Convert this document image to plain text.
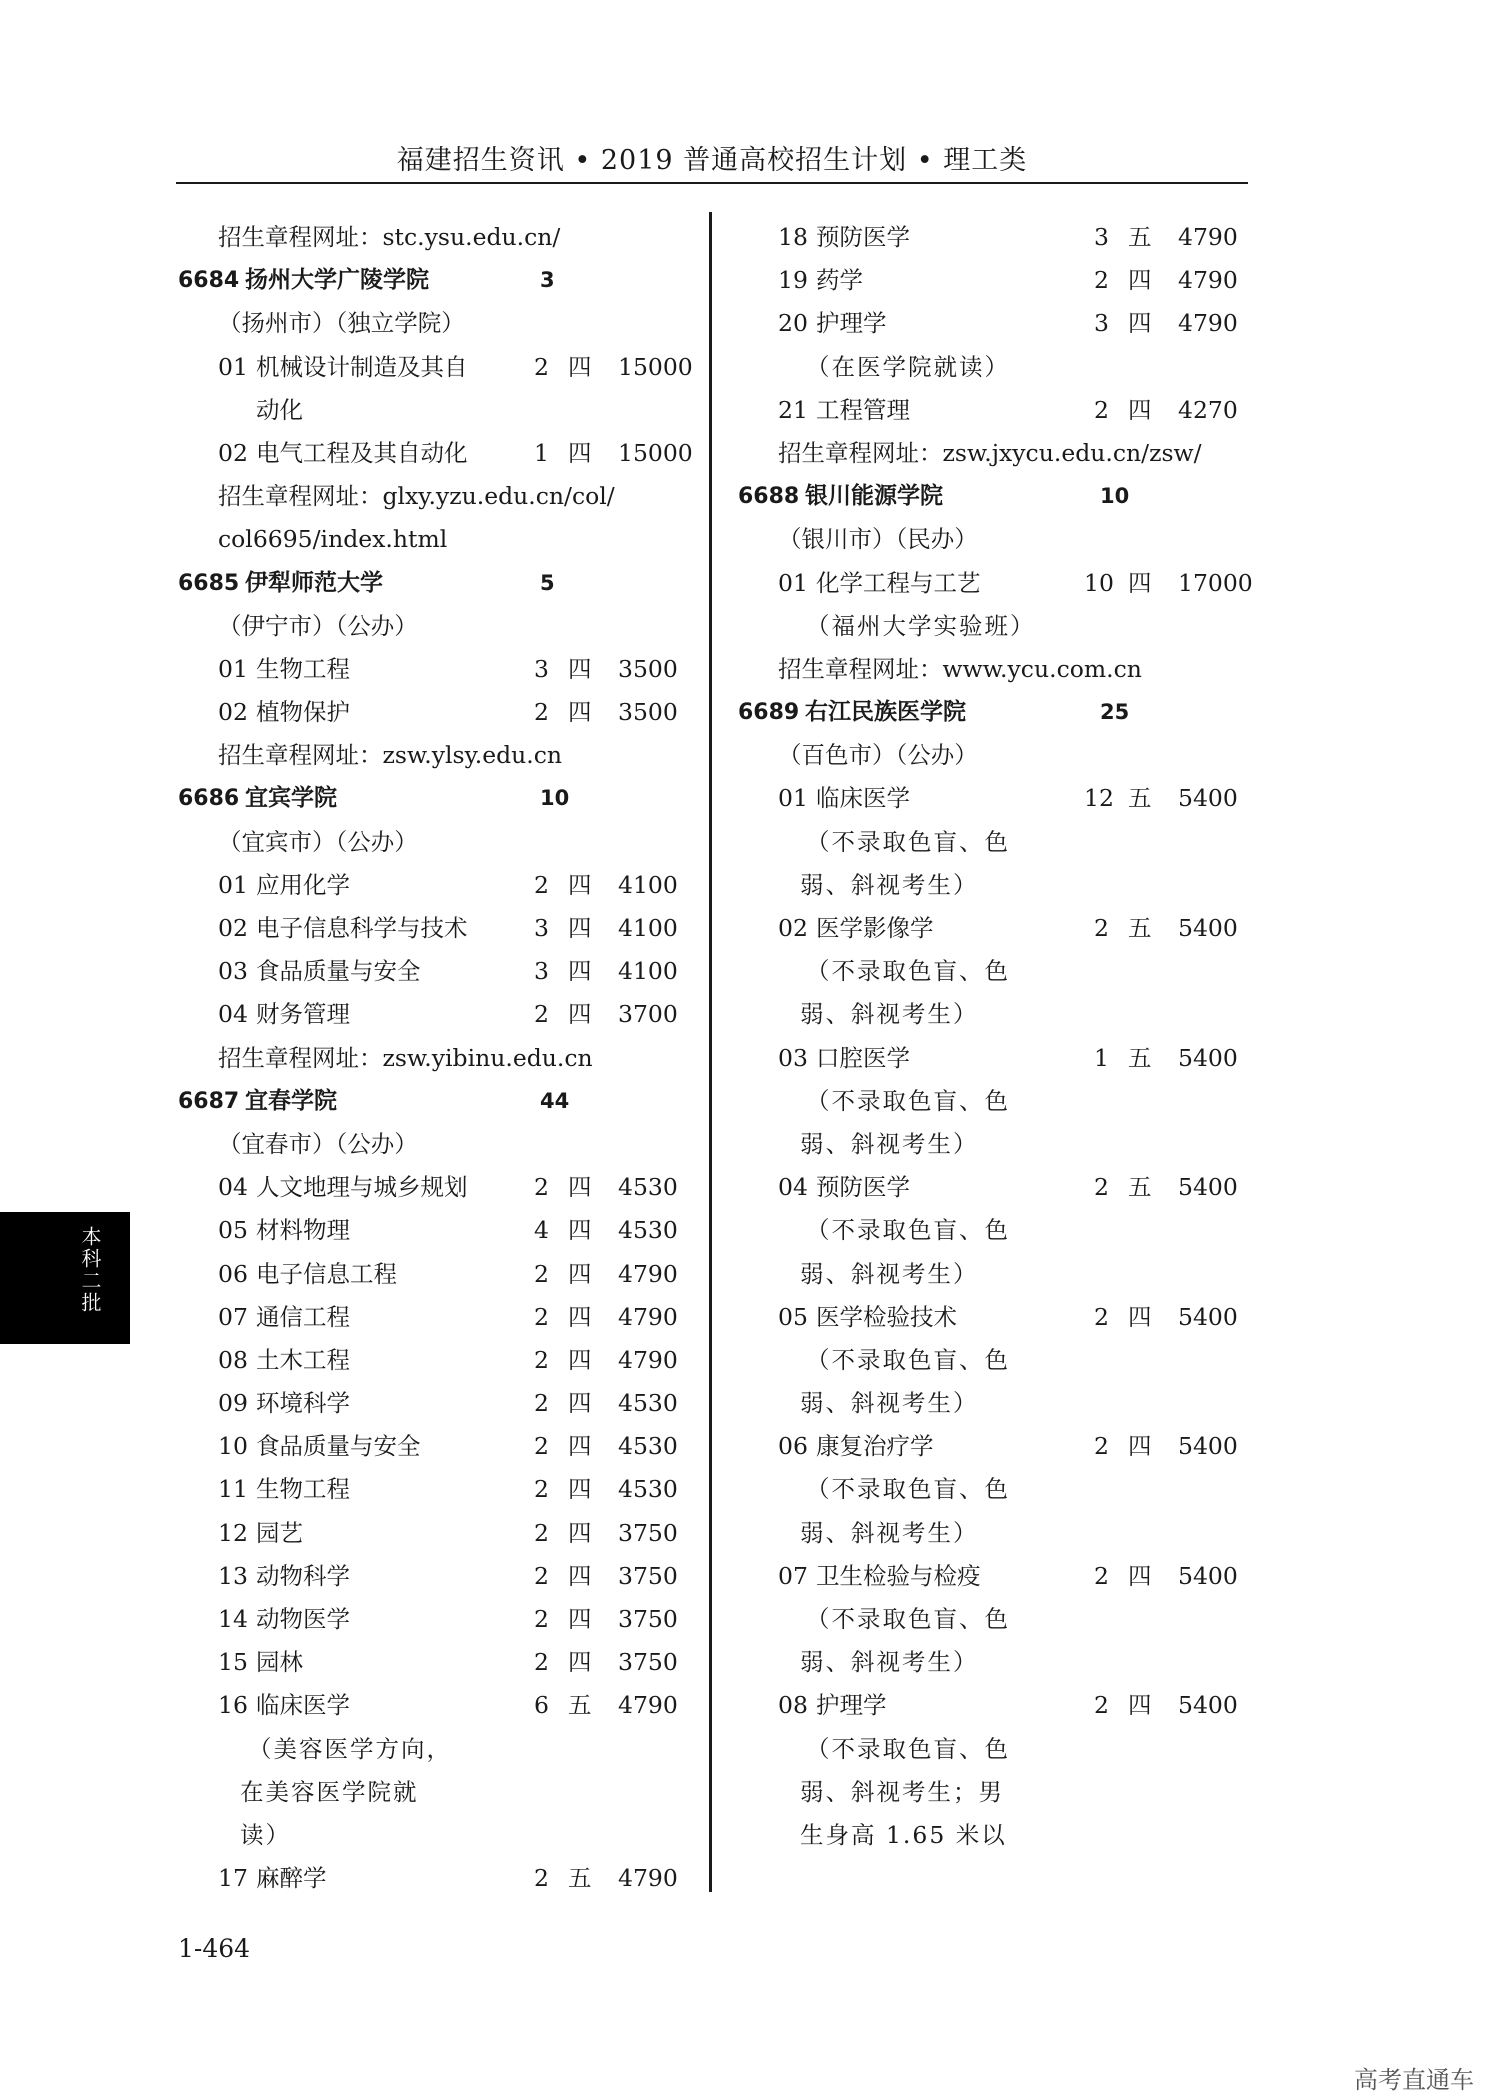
福建招生资讯 • 2019 普通高校招生计划 • 理工类
招生章程网址：stc.ysu.edu.cn/
6684 扬州大学广陵学院	3
（扬州市）（独立学院）
01 机械设计制造及其自	2 四 15000
动化
02 电气工程及其自动化	1 四 15000
招生章程网址：glxy.yzu.edu.cn/col/
col6695/index.html
6685 伊犁师范大学	5
（伊宁市）（公办）
01 生物工程	3 四 3500
02 植物保护	2 四 3500
招生章程网址：zsw.ylsy.edu.cn
6686 宜宾学院	10
（宜宾市）（公办）
01 应用化学	2 四 4100
02 电子信息科学与技术	3 四 4100
03 食品质量与安全	3 四 4100
04 财务管理	2 四 3700
招生章程网址：zsw.yibinu.edu.cn
6687 宜春学院	44
（宜春市）（公办）
04 人文地理与城乡规划	2 四 4530
05 材料物理	4 四 4530
06 电子信息工程	2 四 4790
07 通信工程	2 四 4790
08 土木工程	2 四 4790
09 环境科学	2 四 4530
10 食品质量与安全	2 四 4530
11 生物工程	2 四 4530
12 园艺	2 四 3750
13 动物科学	2 四 3750
14 动物医学	2 四 3750
15 园林	2 四 3750
16 临床医学	6 五 4790
（美容医学方向，
在美容医学院就
读）
17 麻醉学	2 五 4790
18 预防医学	3 五 4790
19 药学	2 四 4790
20 护理学	3 四 4790
（在医学院就读）
21 工程管理	2 四 4270
招生章程网址：zsw.jxycu.edu.cn/zsw/
6688 银川能源学院	10
（银川市）（民办）
01 化学工程与工艺	10 四 17000
（福州大学实验班）
招生章程网址：www.ycu.com.cn
6689 右江民族医学院	25
（百色市）（公办）
01 临床医学	12 五 5400
（不录取色盲、色
弱、斜视考生）
02 医学影像学	2 五 5400
（不录取色盲、色
弱、斜视考生）
03 口腔医学	1 五 5400
（不录取色盲、色
弱、斜视考生）
04 预防医学	2 五 5400
（不录取色盲、色
弱、斜视考生）
05 医学检验技术	2 四 5400
（不录取色盲、色
弱、斜视考生）
06 康复治疗学	2 四 5400
（不录取色盲、色
弱、斜视考生）
07 卫生检验与检疫	2 四 5400
（不录取色盲、色
弱、斜视考生）
08 护理学	2 四 5400
（不录取色盲、色
弱、斜视考生；男
生身高 1.65 米以
本科二批
1-464
高考直通车
